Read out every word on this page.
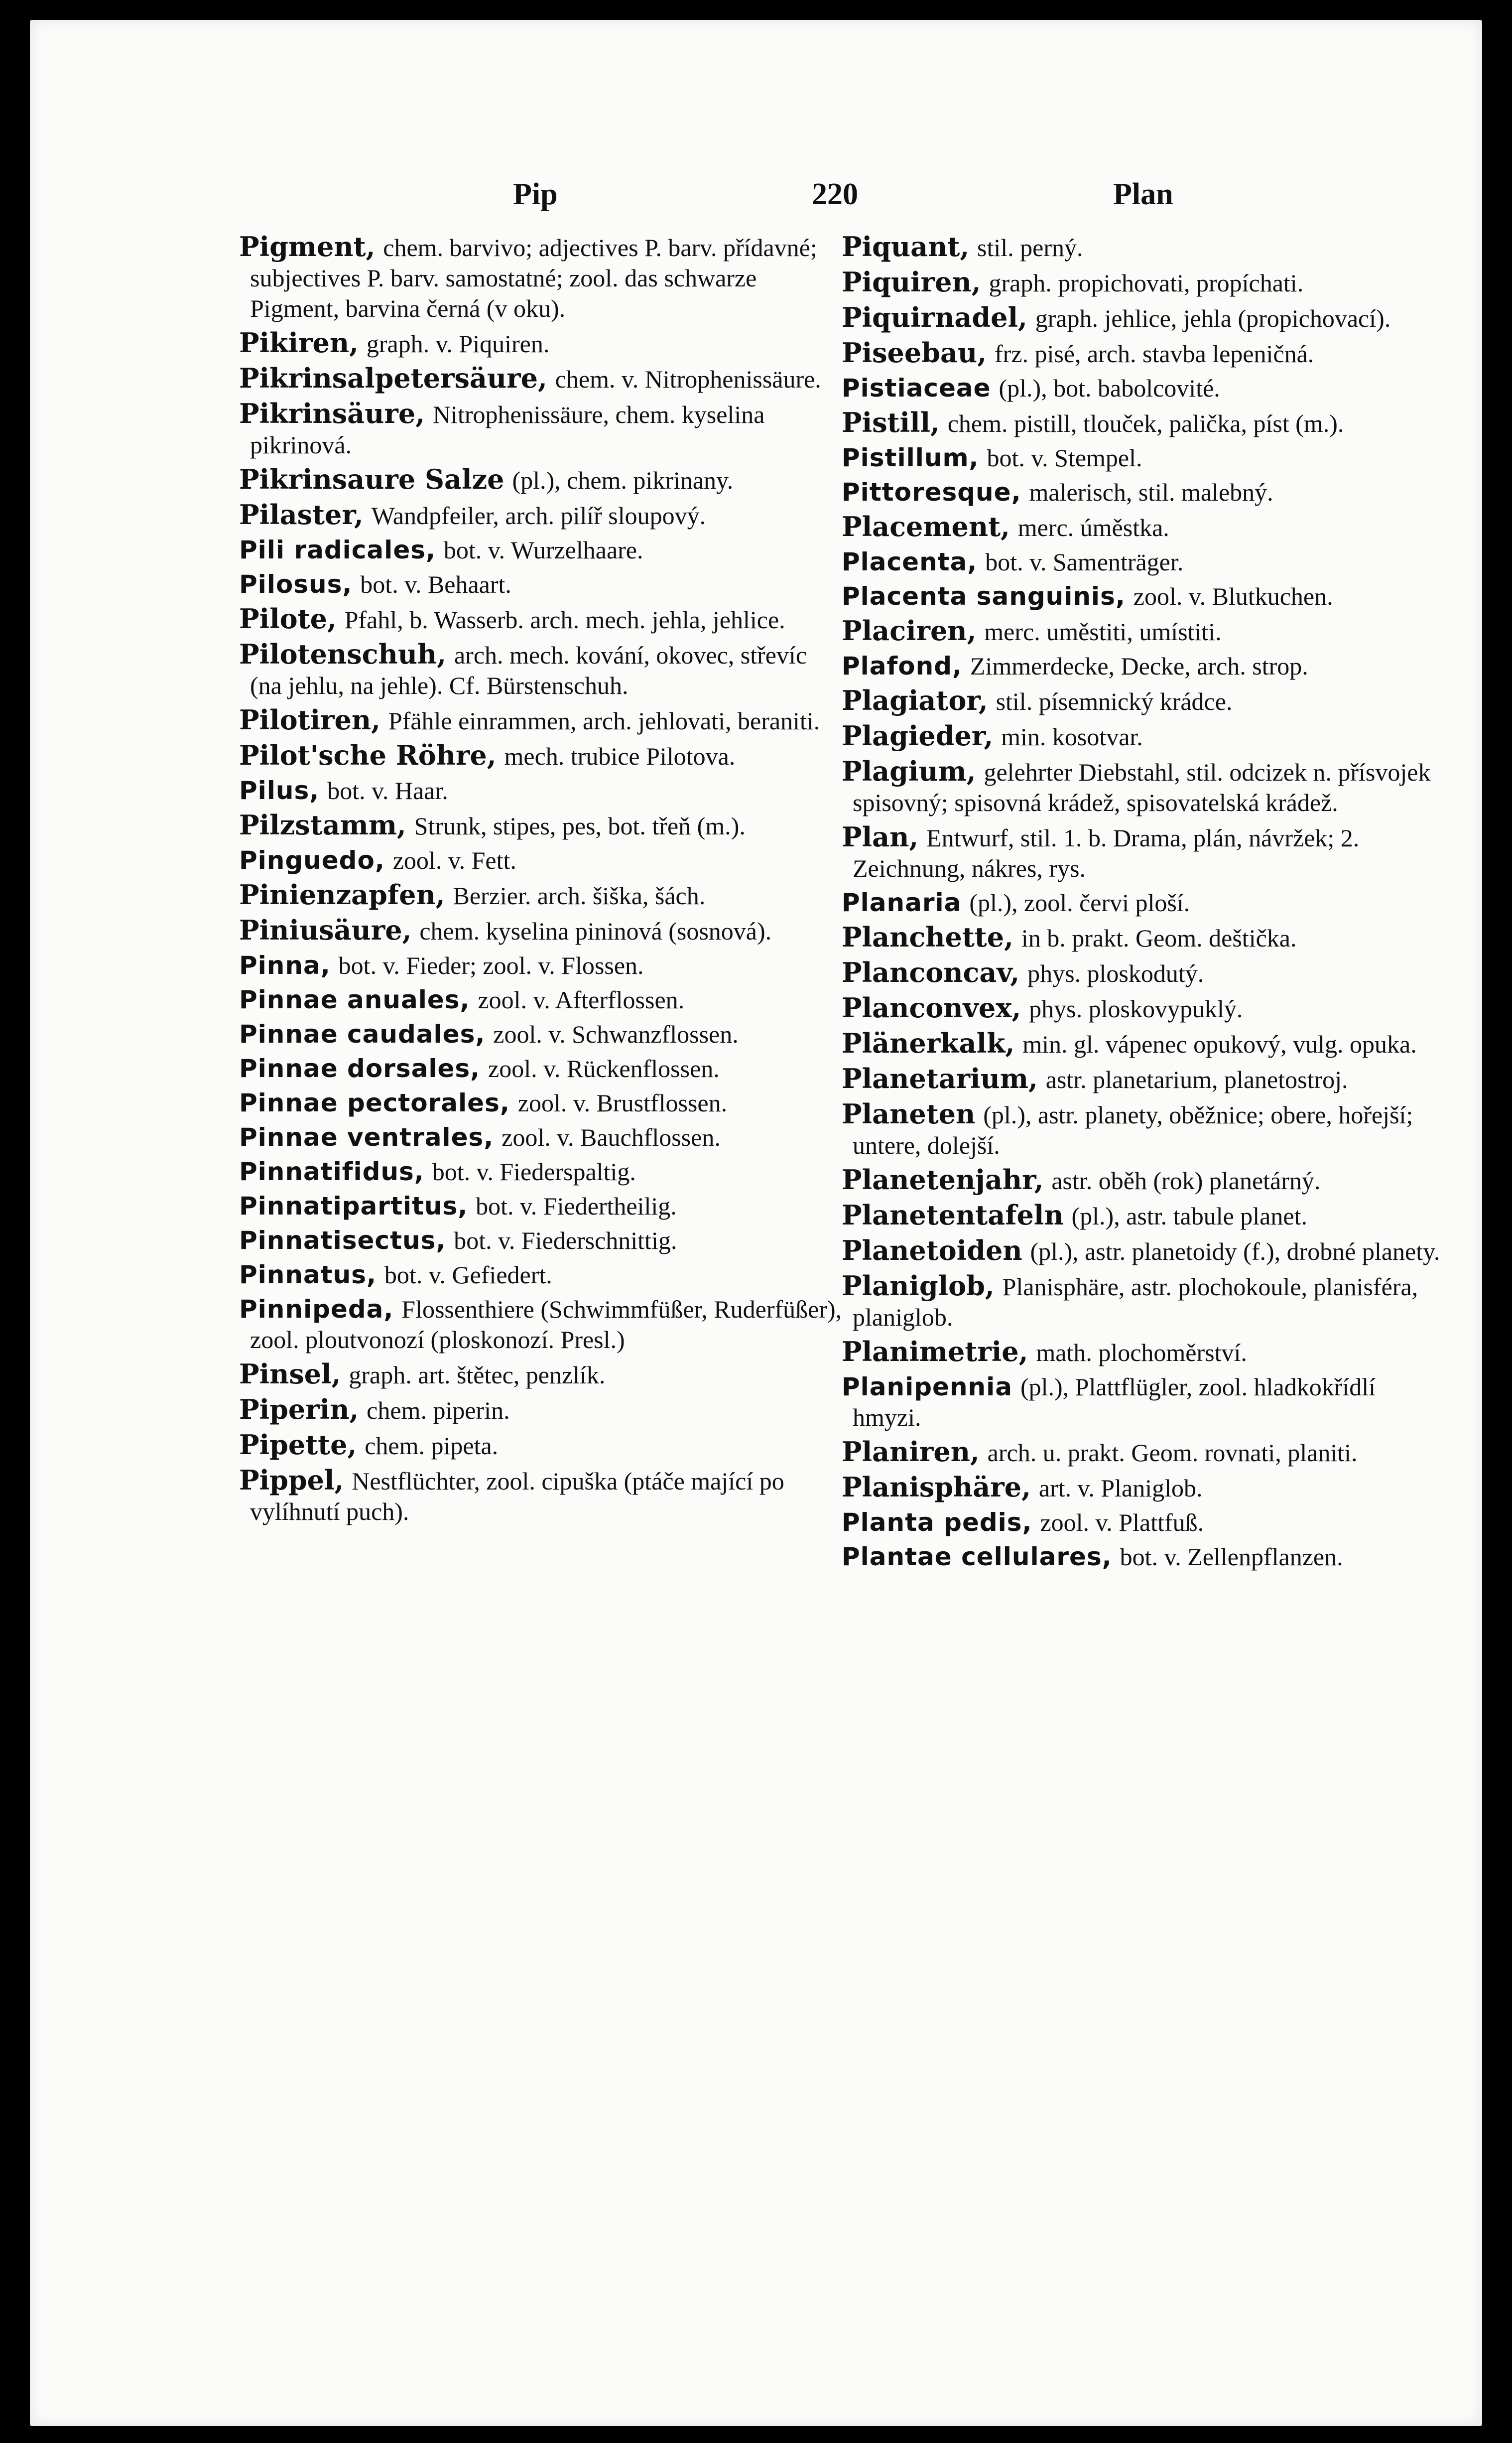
Pip	220	Plan

Pigment, chem. barvivo; adjectives P. barv. přídavné; subjectives P. barv. samostatné; zool. das schwarze Pigment, barvina černá (v oku).

Pikiren, graph. v. Piquiren.

Pikrinsalpetersäure, chem. v. Nitrophenissäure.

Pikrinsäure, Nitrophenissäure, chem. kyselina pikrinová.

Pikrinsaure Salze (pl.), chem. pikrinany.

Pilaster, Wandpfeiler, arch. pilíř sloupový.

Pili radicales, bot. v. Wurzelhaare.

Pilosus, bot. v. Behaart.

Pilote, Pfahl, b. Wasserb. arch. mech. jehla, jehlice.

Pilotenschuh, arch. mech. kování, okovec, střevíc (na jehlu, na jehle). Cf. Bürstenschuh.

Pilotiren, Pfähle einrammen, arch. jehlovati, beraniti.

Pilot'sche Röhre, mech. trubice Pilotova.

Pilus, bot. v. Haar.

Pilzstamm, Strunk, stipes, pes, bot. třeň (m.).

Pinguedo, zool. v. Fett.

Pinienzapfen, Berzier. arch. šiška, šách.

Piniusäure, chem. kyselina pininová (sosnová).

Pinna, bot. v. Fieder; zool. v. Flossen.

Pinnae anuales, zool. v. Afterflossen.

Pinnae caudales, zool. v. Schwanzflossen.

Pinnae dorsales, zool. v. Rückenflossen.

Pinnae pectorales, zool. v. Brustflossen.

Pinnae ventrales, zool. v. Bauchflossen.

Pinnatifidus, bot. v. Fiederspaltig.

Pinnatipartitus, bot. v. Fiedertheilig.

Pinnatisectus, bot. v. Fiederschnittig.

Pinnatus, bot. v. Gefiedert.

Pinnipeda, Flossenthiere (Schwimmfüßer, Ruderfüßer), zool. ploutvonozí (ploskonozí. Presl.)

Pinsel, graph. art. štětec, penzlík.

Piperin, chem. piperin.

Pipette, chem. pipeta.

Pippel, Nestflüchter, zool. cipuška (ptáče mající po vylíhnutí puch).

Piquant, stil. perný.

Piquiren, graph. propichovati, propíchati.

Piquirnadel, graph. jehlice, jehla (propichovací).

Piseebau, frz. pisé, arch. stavba lepeničná.

Pistiaceae (pl.), bot. babolcovité.

Pistill, chem. pistill, tlouček, palička, píst (m.).

Pistillum, bot. v. Stempel.

Pittoresque, malerisch, stil. malebný.

Placement, merc. úměstka.

Placenta, bot. v. Samenträger.

Placenta sanguinis, zool. v. Blutkuchen.

Placiren, merc. uměstiti, umístiti.

Plafond, Zimmerdecke, Decke, arch. strop.

Plagiator, stil. písemnický krádce.

Plagieder, min. kosotvar.

Plagium, gelehrter Diebstahl, stil. odcizek n. přísvojek spisovný; spisovná krádež, spisovatelská krádež.

Plan, Entwurf, stil. 1. b. Drama, plán, návržek; 2. Zeichnung, nákres, rys.

Planaria (pl.), zool. červi ploší.

Planchette, in b. prakt. Geom. deštička.

Planconcav, phys. ploskodutý.

Planconvex, phys. ploskovypuklý.

Plänerkalk, min. gl. vápenec opukový, vulg. opuka.

Planetarium, astr. planetarium, planetostroj.

Planeten (pl.), astr. planety, oběžnice; obere, hořejší; untere, dolejší.

Planetenjahr, astr. oběh (rok) planetárný.

Planetentafeln (pl.), astr. tabule planet.

Planetoiden (pl.), astr. planetoidy (f.), drobné planety.

Planiglob, Planisphäre, astr. plochokoule, planisféra, planiglob.

Planimetrie, math. plochoměrství.

Planipennia (pl.), Plattflügler, zool. hladkokřídlí hmyzi.

Planiren, arch. u. prakt. Geom. rovnati, planiti.

Planisphäre, art. v. Planiglob.

Planta pedis, zool. v. Plattfuß.

Plantae cellulares, bot. v. Zellenpflanzen.
